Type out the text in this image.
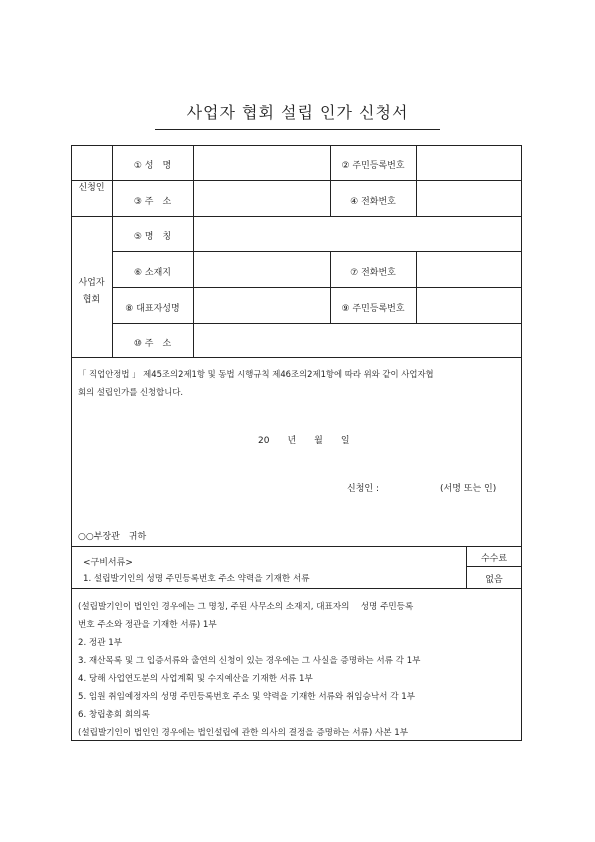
사업자 협회 설립 인가 신청서
신청인
① 성　명	② 주민등록번호
③ 주　소	④ 전화번호
사업자
협회
⑤ 명　칭
⑥ 소재지	⑦ 전화번호
⑧ 대표자성명	⑨ 주민등록번호
⑩ 주　소
「 직업안정법 」 제45조의2제1항 및 동법 시행규칙 제46조의2제1항에 따라 위와 같이 사업자협
회의 설립인가를 신청합니다.
20　　년　　월　　일
신청인 :	(서명 또는 인)
○○부장관　귀하
<구비서류>	수수료
없음
1. 설립발기인의 성명 주민등록번호 주소 약력을 기재한 서류
(설립발기인이 법인인 경우에는 그 명칭, 주된 사무소의 소재지, 대표자의　 성명 주민등록
번호 주소와 정관을 기재한 서류) 1부
2. 정관 1부
3. 재산목록 및 그 입증서류와 출연의 신청이 있는 경우에는 그 사실을 증명하는 서류 각 1부
4. 당해 사업연도분의 사업계획 및 수지예산을 기재한 서류 1부
5. 임원 취임예정자의 성명 주민등록번호 주소 및 약력을 기재한 서류와 취임승낙서 각 1부
6. 창립총회 회의록
(설립발기인이 법인인 경우에는 법인설립에 관한 의사의 결정을 증명하는 서류) 사본 1부
